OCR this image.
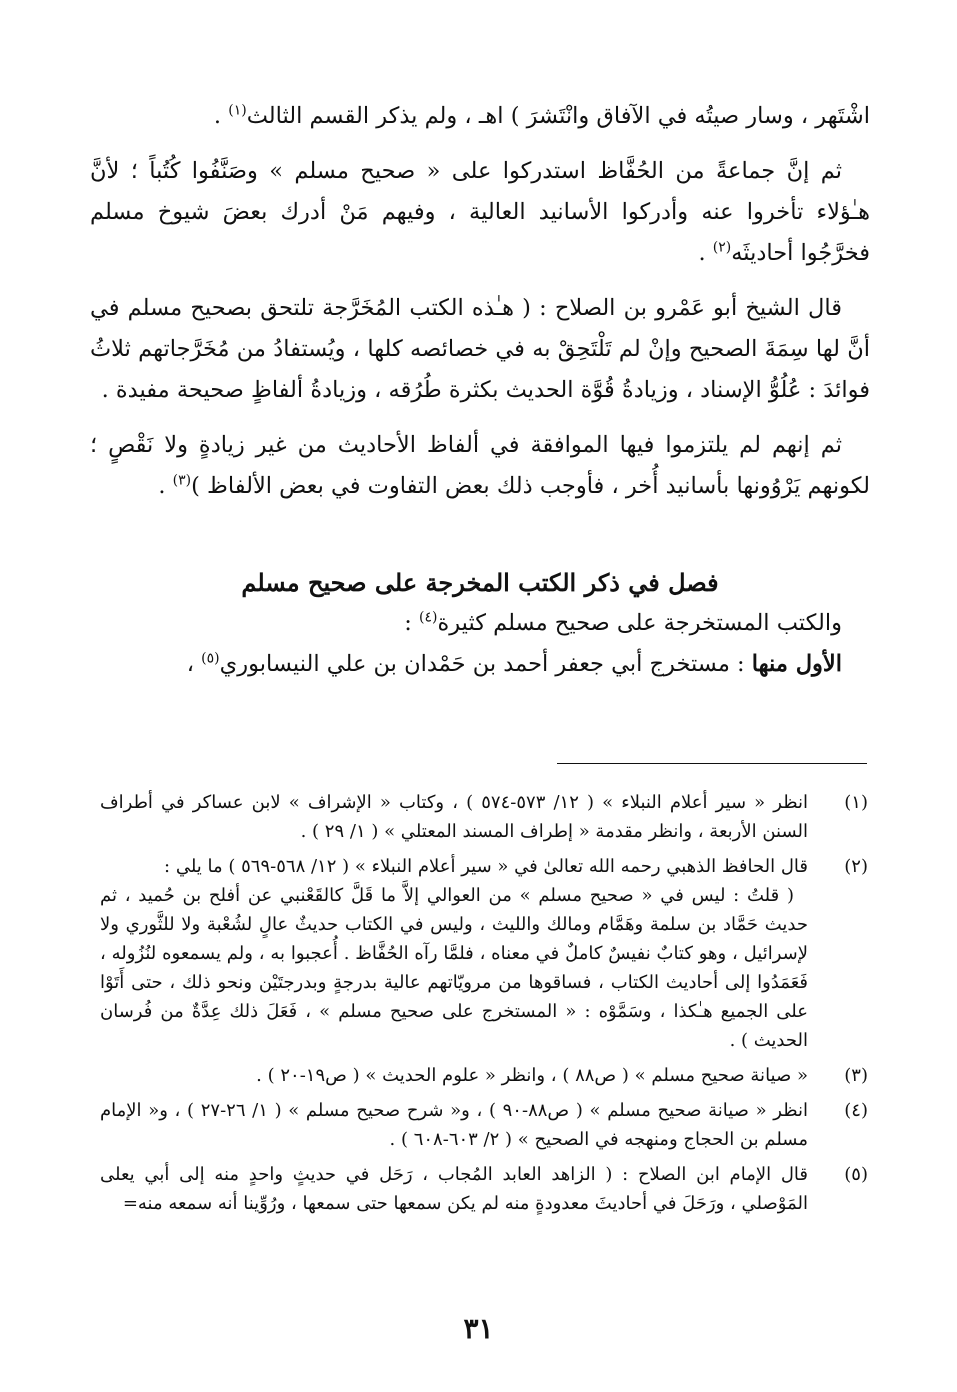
اشْتَهر ، وسار صيتُه في الآفاق وانْتَشرَ ) اهـ ، ولم يذكر القسم الثالث$^{(١)}$ .

ثم إنَّ جماعةً من الحُفَّاظ استدركوا على « صحيح مسلم » وصَنَّفُوا كُتُباً ؛ لأنَّ هـٰؤلاء تأخروا عنه وأدركوا الأسانيد العالية ، وفيهم مَنْ أدرك بعضَ شيوخ مسلم فخرَّجُوا أحاديثَه$^{(٢)}$ .

قال الشيخ أبو عَمْرو بن الصلاح : ( هـٰذه الكتب المُخَرَّجة تلتحق بصحيح مسلم في أنَّ لها سِمَةَ الصحيح وإنْ لم تَلْتَحِقْ به في خصائصه كلها ، ويُستفادُ من مُخَرَّجاتهم ثلاثُ فوائدَ : عُلُوُّ الإسناد ، وزيادةُ قُوَّة الحديث بكثرة طُرُقه ، وزيادةُ ألفاظٍ صحيحة مفيدة .

ثم إنهم لم يلتزموا فيها الموافقة في ألفاظ الأحاديث من غير زيادةٍ ولا نَقْصٍ ؛ لكونهم يَرْوُونها بأسانيد أُخر ، فأوجب ذلك بعض التفاوت في بعض الألفاظ )$^{(٣)}$ .

فصل في ذكر الكتب المخرجة على صحيح مسلم

والكتب المستخرجة على صحيح مسلم كثيرة$^{(٤)}$ :

الأول منها : مستخرج أبي جعفر أحمد بن حَمْدان بن علي النيسابوري$^{(٥)}$ ،

(١)
انظر « سير أعلام النبلاء » ( ١٢/ ٥٧٣-٥٧٤ ) ، وكتاب « الإشراف » لابن عساكر في أطراف السنن الأربعة ، وانظر مقدمة « إطراف المسند المعتلي » ( ١/ ٢٩ ) .
(٢)
قال الحافظ الذهبي رحمه الله تعالىٰ في « سير أعلام النبلاء » ( ١٢/ ٥٦٨-٥٦٩ ) ما يلي :
( قلتُ : ليس في « صحيح مسلم » من العوالي إلاَّ ما قَلَّ كالقَعْنبي عن أفلح بن حُميد ، ثم حديث حَمَّاد بن سلمة وهَمَّام ومالك والليث ، وليس في الكتاب حديثٌ عالٍ لشُعْبة ولا للثَّوري ولا لإسرائيل ، وهو كتابٌ نفيسٌ كاملٌ في معناه ، فلمَّا رآه الحُفَّاظ . أُعجبوا به ، ولم يسمعوه لنُزُوله ، فَعَمَدُوا إلى أحاديث الكتاب ، فساقوها من مرويّاتهم عالية بدرجةٍ وبدرجتَيْن ونحو ذلك ، حتى أَتَوْا على الجميع هـٰكذا ، وسَمَّوْه : « المستخرج على صحيح مسلم » ، فَعَلَ ذلك عِدَّةٌ من فُرسان الحديث ) .
(٣)
« صيانة صحيح مسلم » ( ص٨٨ ) ، وانظر « علوم الحديث » ( ص١٩-٢٠ ) .
(٤)
انظر « صيانة صحيح مسلم » ( ص٨٨-٩٠ ) ، و« شرح صحيح مسلم » ( ١/ ٢٦-٢٧ ) ، و« الإمام مسلم بن الحجاج ومنهجه في الصحيح » ( ٢/ ٦٠٣-٦٠٨ ) .
(٥)
قال الإمام ابن الصلاح : ( الزاهد العابد المُجاب ، رَحَل في حديثٍ واحدٍ منه إلى أبي يعلى المَوْصلي ، ورَحَلَ في أحاديثَ معدودةٍ منه لم يكن سمعها حتى سمعها ، ورُوِّينا أنه سمعه منه=
٣١
